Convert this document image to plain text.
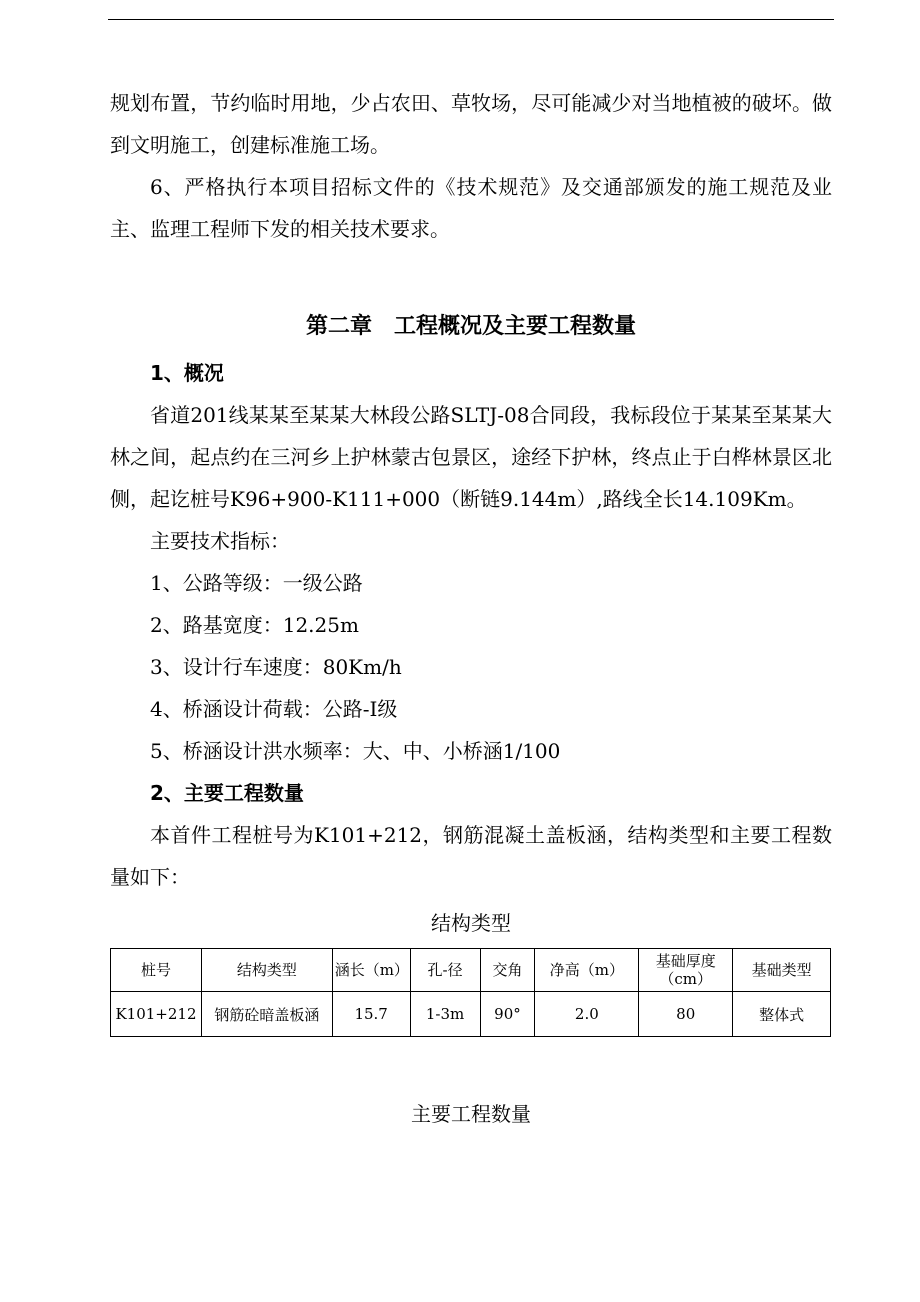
规划布置，节约临时用地，少占农田、草牧场，尽可能减少对当地植被的破坏。做到文明施工，创建标准施工场。

6、严格执行本项目招标文件的《技术规范》及交通部颁发的施工规范及业主、监理工程师下发的相关技术要求。

第二章　工程概况及主要工程数量
1、概况

省道201线某某至某某大林段公路SLTJ-08合同段，我标段位于某某至某某大林之间，起点约在三河乡上护林蒙古包景区，途经下护林，终点止于白桦林景区北侧，起讫桩号K96+900-K111+000（断链9.144m）,路线全长14.109Km。

主要技术指标：

1、公路等级：一级公路

2、路基宽度：12.25m

3、设计行车速度：80Km/h

4、桥涵设计荷载：公路-I级

5、桥涵设计洪水频率：大、中、小桥涵1/100

2、主要工程数量

本首件工程桩号为K101+212，钢筋混凝土盖板涵，结构类型和主要工程数量如下：

结构类型

桩号	结构类型	涵长（m）	孔-径	交角	净高（m）	基础厚度（cm）	基础类型
K101+212	钢筋砼暗盖板涵	15.7	1-3m	90°	2.0	80	整体式

主要工程数量
